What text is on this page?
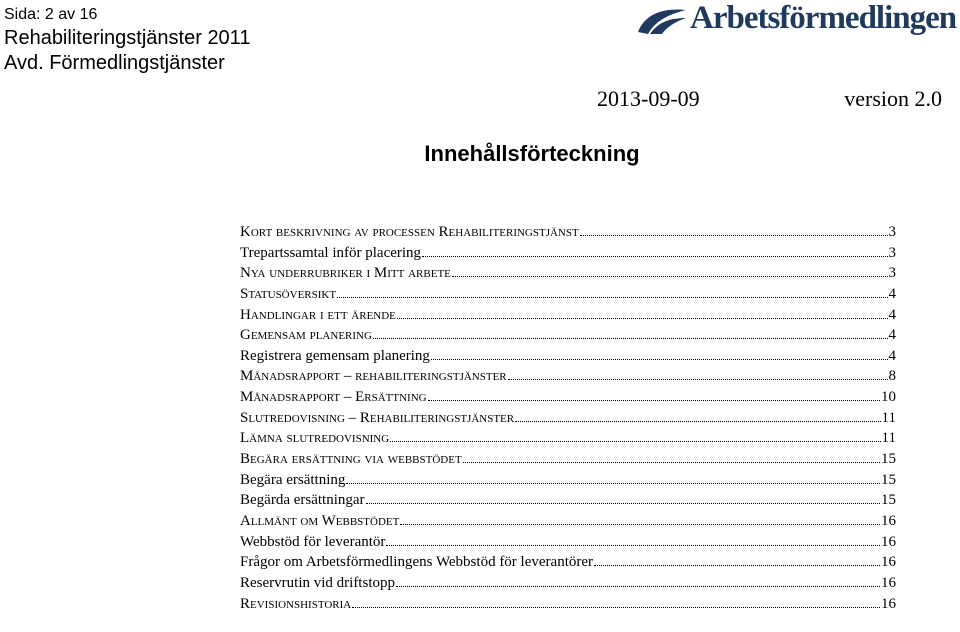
Sida: 2 av 16
Rehabiliteringstjänster 2011
Avd. Förmedlingstjänster
Arbetsförmedlingen
2013-09-09	version 2.0
Innehållsförteckning
Kort beskrivning av processen Rehabiliteringstjänst	3
Trepartssamtal inför placering	3
Nya underrubriker i Mitt arbete	3
Statusöversikt	4
Handlingar i ett ärende	4
Gemensam planering	4
Registrera gemensam planering	4
Månadsrapport – rehabiliteringstjänster	8
Månadsrapport – Ersättning	10
Slutredovisning – Rehabiliteringstjänster	11
Lämna slutredovisning	11
Begära ersättning via webbstödet	15
Begära ersättning	15
Begärda ersättningar	15
Allmänt om Webbstödet	16
Webbstöd för leverantör	16
Frågor om Arbetsförmedlingens Webbstöd för leverantörer	16
Reservrutin vid driftstopp	16
Revisionshistoria	16
